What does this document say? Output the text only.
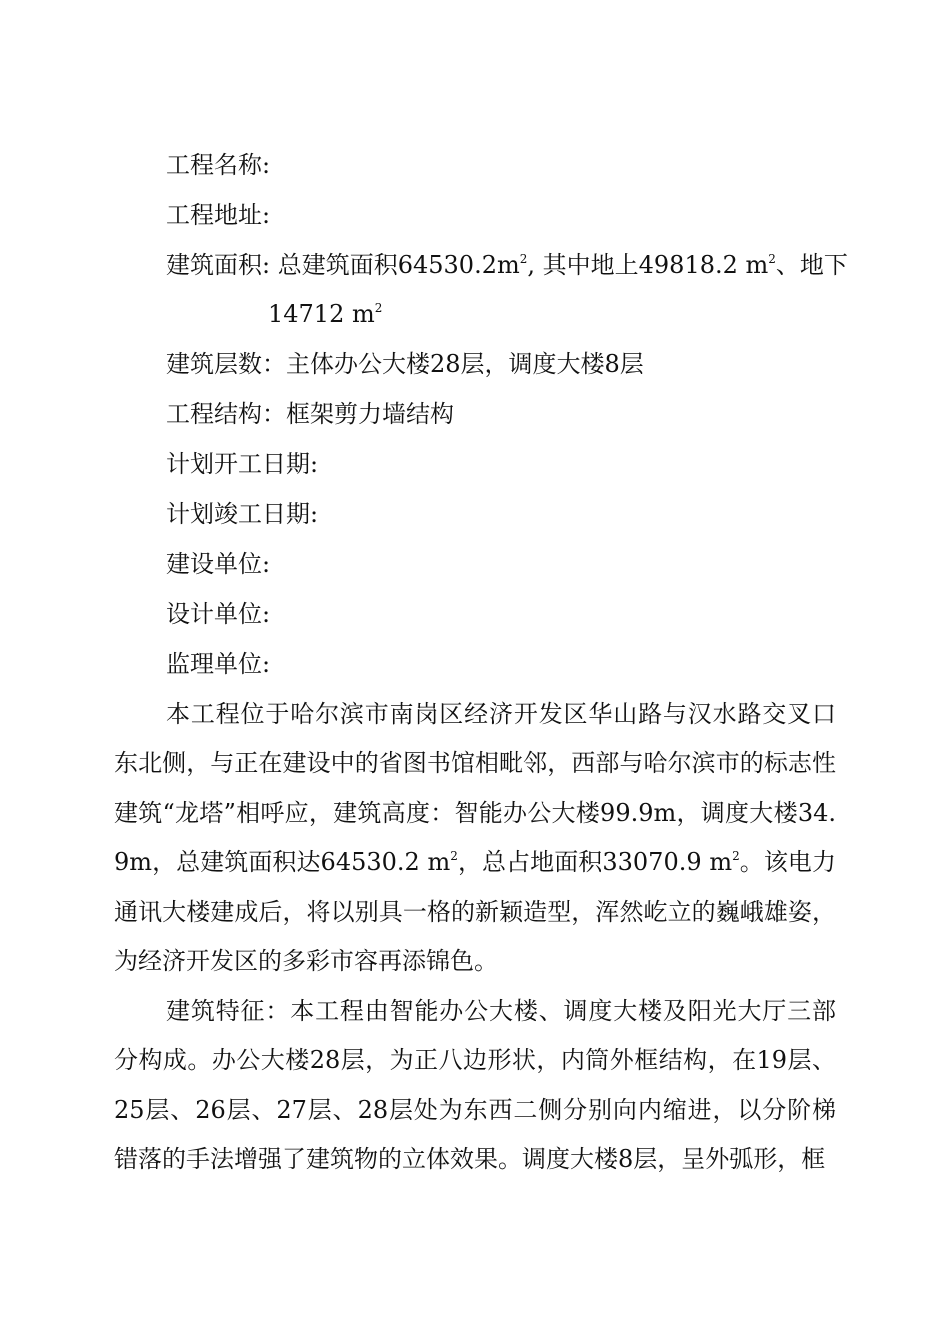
工程名称:
工程地址:
建筑面积: 总建筑面积$64530.2m^2$, 其中地上49818.2 $m^2$、地下
14712 $m^2$
建筑层数：主体办公大楼28层，调度大楼8层
工程结构：框架剪力墙结构
计划开工日期:
计划竣工日期:
建设单位:
设计单位:
监理单位:
本工程位于哈尔滨市南岗区经济开发区华山路与汉水路交叉口东北侧，与正在建设中的省图书馆相毗邻，西部与哈尔滨市的标志性建筑“龙塔”相呼应，建筑高度：智能办公大楼99.9m，调度大楼34.9m，总建筑面积达64530.2 $m^2$，总占地面积33070.9 $m^2$。该电力通讯大楼建成后，将以别具一格的新颖造型，浑然屹立的巍峨雄姿，为经济开发区的多彩市容再添锦色。
建筑特征：本工程由智能办公大楼、调度大楼及阳光大厅三部分构成。办公大楼28层，为正八边形状，内筒外框结构，在19层、25层、26层、27层、28层处为东西二侧分别向内缩进，以分阶梯错落的手法增强了建筑物的立体效果。调度大楼8层，呈外弧形，框
